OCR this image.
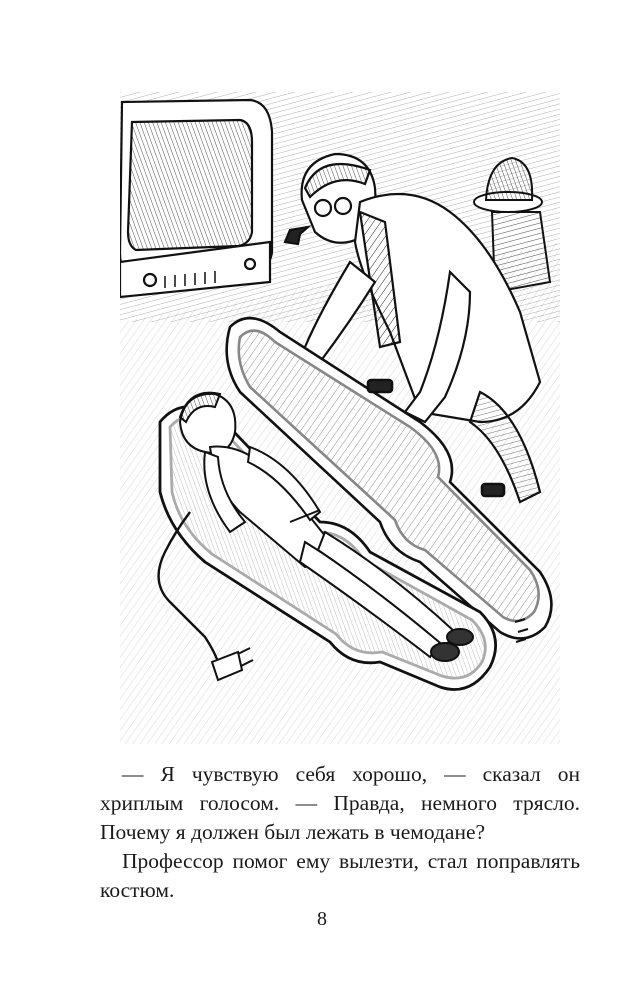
— Я чувствую себя хорошо, — сказал он хриплым голосом. — Правда, немного трясло. Почему я должен был лежать в чемодане?

Профессор помог ему вылезти, стал поправлять костюм.

8
